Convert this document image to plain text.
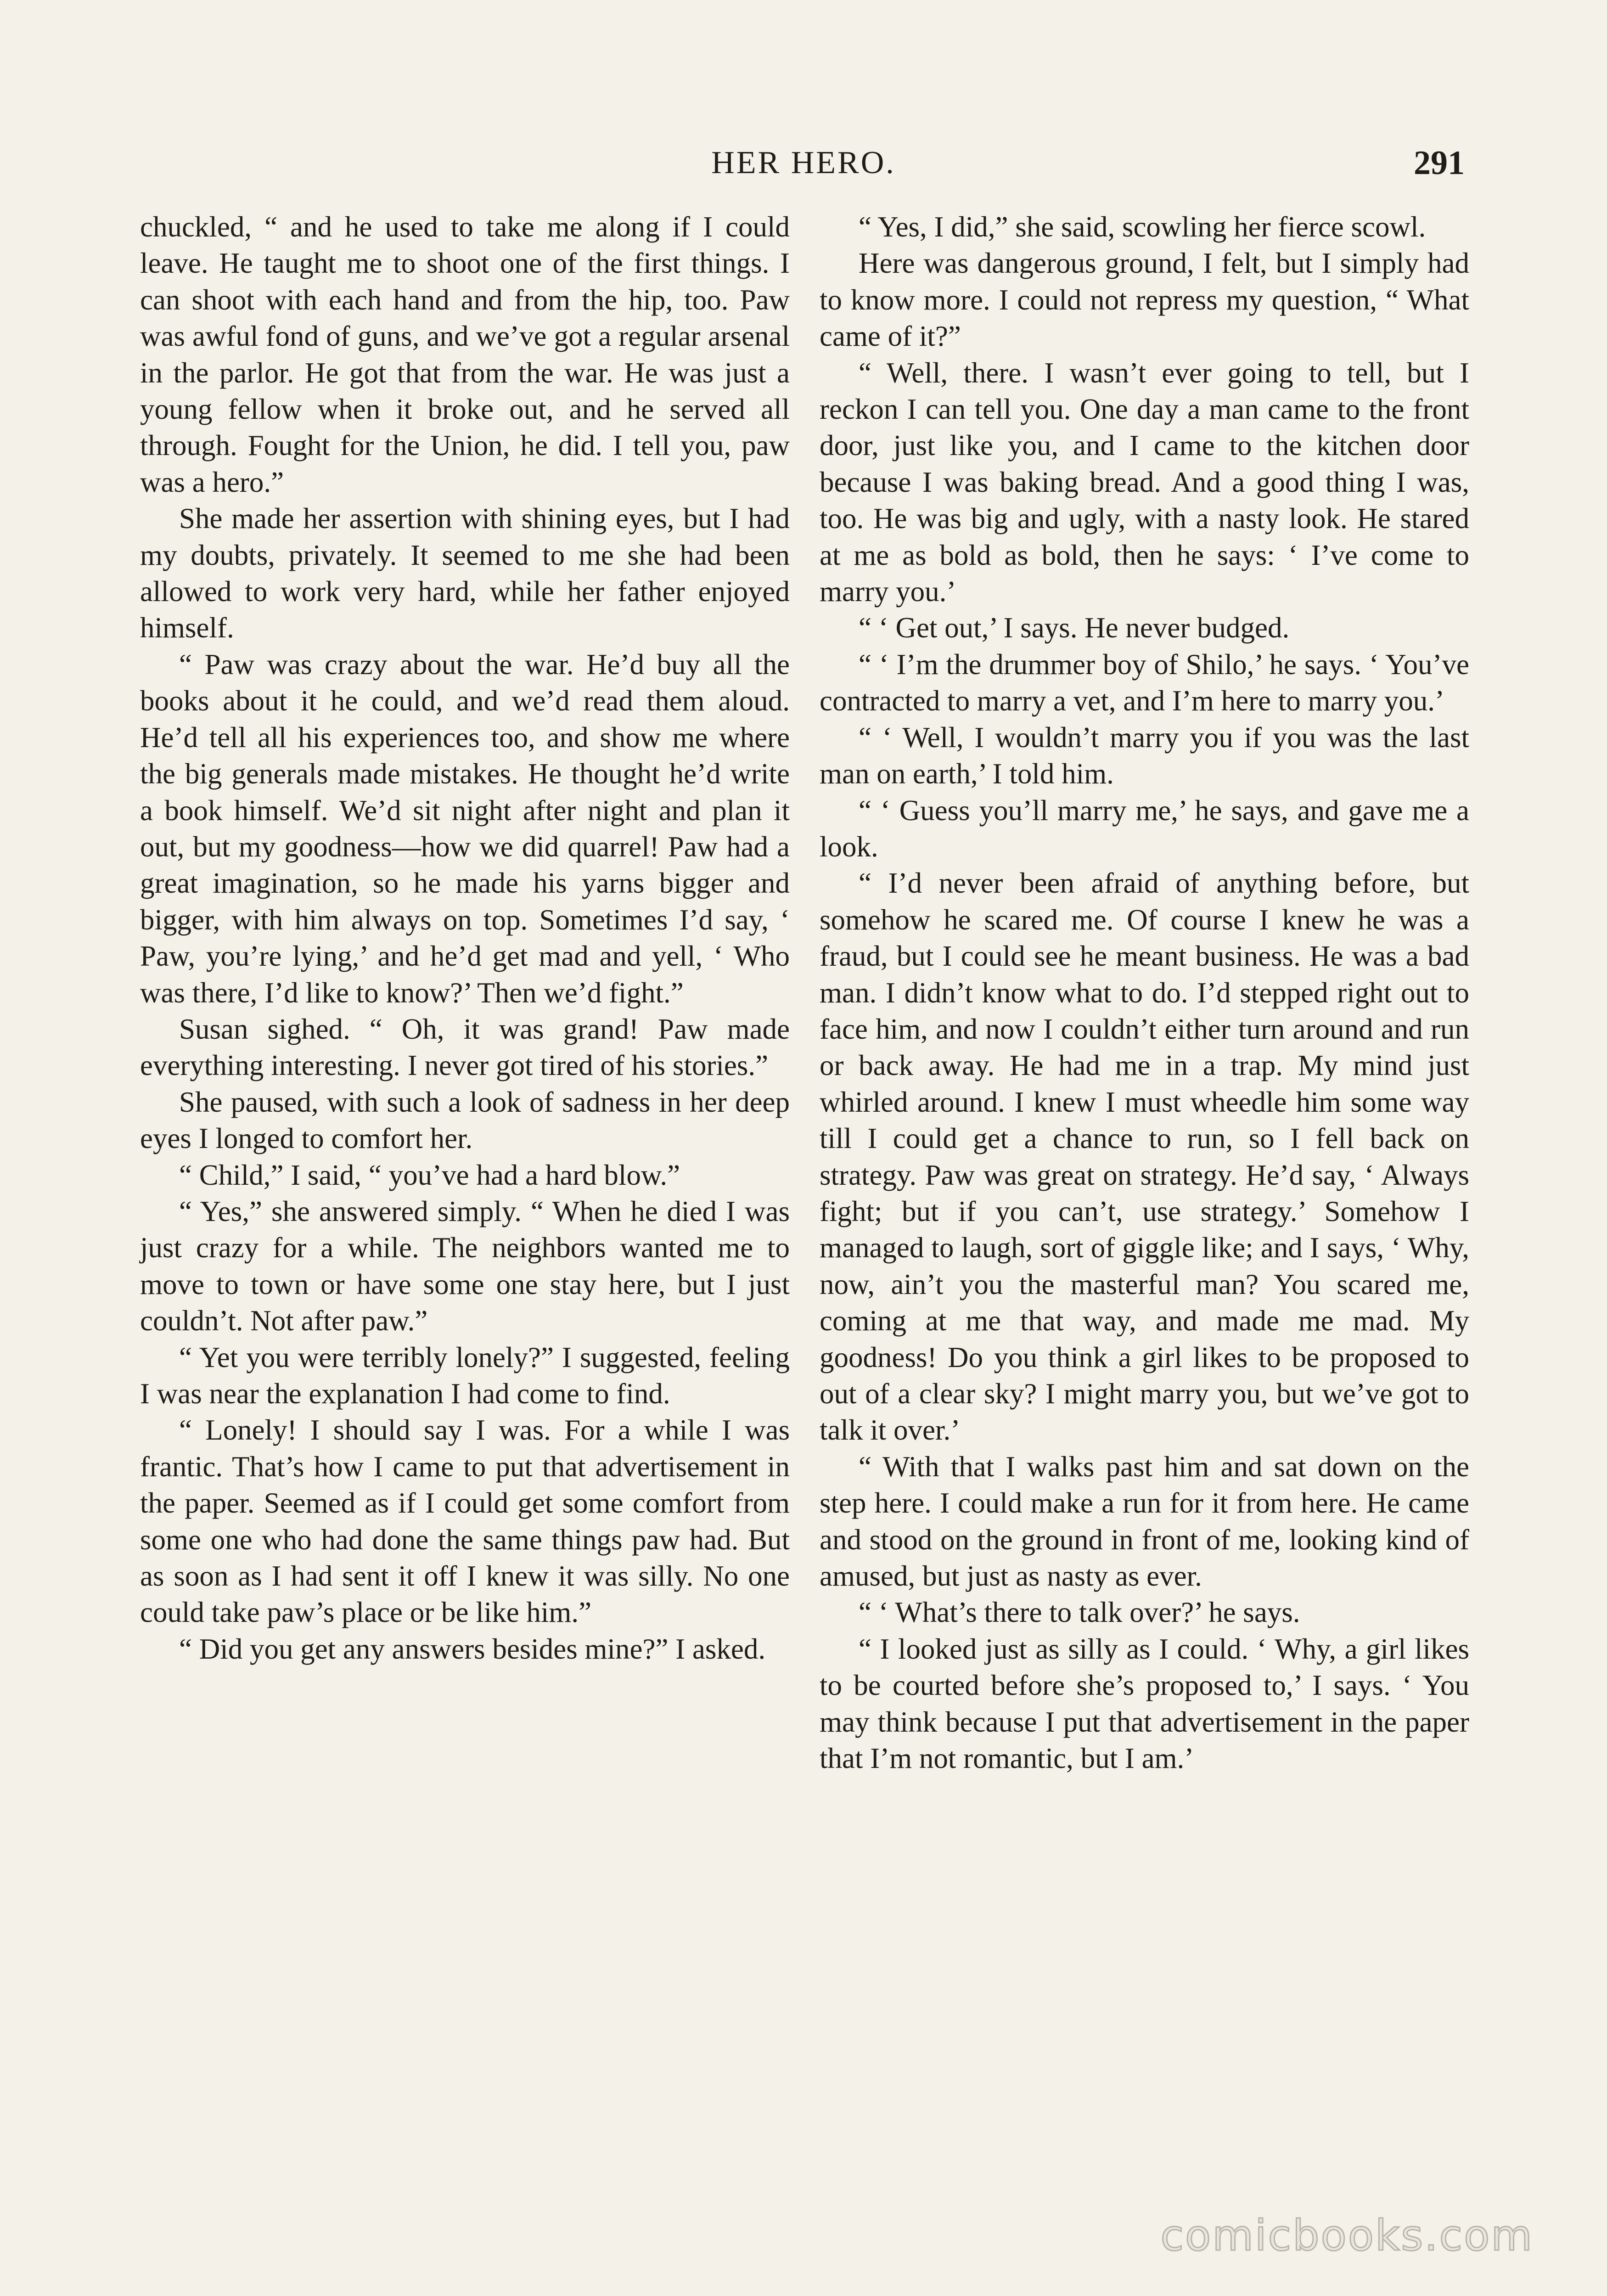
HER HERO.	291

chuckled, “ and he used to take me along if I could leave. He taught me to shoot one of the first things. I can shoot with each hand and from the hip, too. Paw was awful fond of guns, and we’ve got a regular arsenal in the parlor. He got that from the war. He was just a young fellow when it broke out, and he served all through. Fought for the Union, he did. I tell you, paw was a hero.”

She made her assertion with shining eyes, but I had my doubts, privately. It seemed to me she had been allowed to work very hard, while her father enjoyed himself.

“ Paw was crazy about the war. He’d buy all the books about it he could, and we’d read them aloud. He’d tell all his experiences too, and show me where the big generals made mistakes. He thought he’d write a book himself. We’d sit night after night and plan it out, but my goodness—how we did quarrel! Paw had a great imagination, so he made his yarns bigger and bigger, with him always on top. Sometimes I’d say, ‘ Paw, you’re lying,’ and he’d get mad and yell, ‘ Who was there, I’d like to know?’ Then we’d fight.”

Susan sighed. “ Oh, it was grand! Paw made everything interesting. I never got tired of his stories.”

She paused, with such a look of sadness in her deep eyes I longed to comfort her.

“ Child,” I said, “ you’ve had a hard blow.”

“ Yes,” she answered simply. “ When he died I was just crazy for a while. The neighbors wanted me to move to town or have some one stay here, but I just couldn’t. Not after paw.”

“ Yet you were terribly lonely?” I suggested, feeling I was near the explanation I had come to find.

“ Lonely! I should say I was. For a while I was frantic. That’s how I came to put that advertisement in the paper. Seemed as if I could get some comfort from some one who had done the same things paw had. But as soon as I had sent it off I knew it was silly. No one could take paw’s place or be like him.”

“ Did you get any answers besides mine?” I asked.

“ Yes, I did,” she said, scowling her fierce scowl.

Here was dangerous ground, I felt, but I simply had to know more. I could not repress my question, “ What came of it?”

“ Well, there. I wasn’t ever going to tell, but I reckon I can tell you. One day a man came to the front door, just like you, and I came to the kitchen door because I was baking bread. And a good thing I was, too. He was big and ugly, with a nasty look. He stared at me as bold as bold, then he says: ‘ I’ve come to marry you.’

“ ‘ Get out,’ I says. He never budged.

“ ‘ I’m the drummer boy of Shilo,’ he says. ‘ You’ve contracted to marry a vet, and I’m here to marry you.’

“ ‘ Well, I wouldn’t marry you if you was the last man on earth,’ I told him.

“ ‘ Guess you’ll marry me,’ he says, and gave me a look.

“ I’d never been afraid of anything before, but somehow he scared me. Of course I knew he was a fraud, but I could see he meant business. He was a bad man. I didn’t know what to do. I’d stepped right out to face him, and now I couldn’t either turn around and run or back away. He had me in a trap. My mind just whirled around. I knew I must wheedle him some way till I could get a chance to run, so I fell back on strategy. Paw was great on strategy. He’d say, ‘ Always fight; but if you can’t, use strategy.’ Somehow I managed to laugh, sort of giggle like; and I says, ‘ Why, now, ain’t you the masterful man? You scared me, coming at me that way, and made me mad. My goodness! Do you think a girl likes to be proposed to out of a clear sky? I might marry you, but we’ve got to talk it over.’

“ With that I walks past him and sat down on the step here. I could make a run for it from here. He came and stood on the ground in front of me, looking kind of amused, but just as nasty as ever.

“ ‘ What’s there to talk over?’ he says.

“ I looked just as silly as I could. ‘ Why, a girl likes to be courted before she’s proposed to,’ I says. ‘ You may think because I put that advertisement in the paper that I’m not romantic, but I am.’

comicbooks.com
